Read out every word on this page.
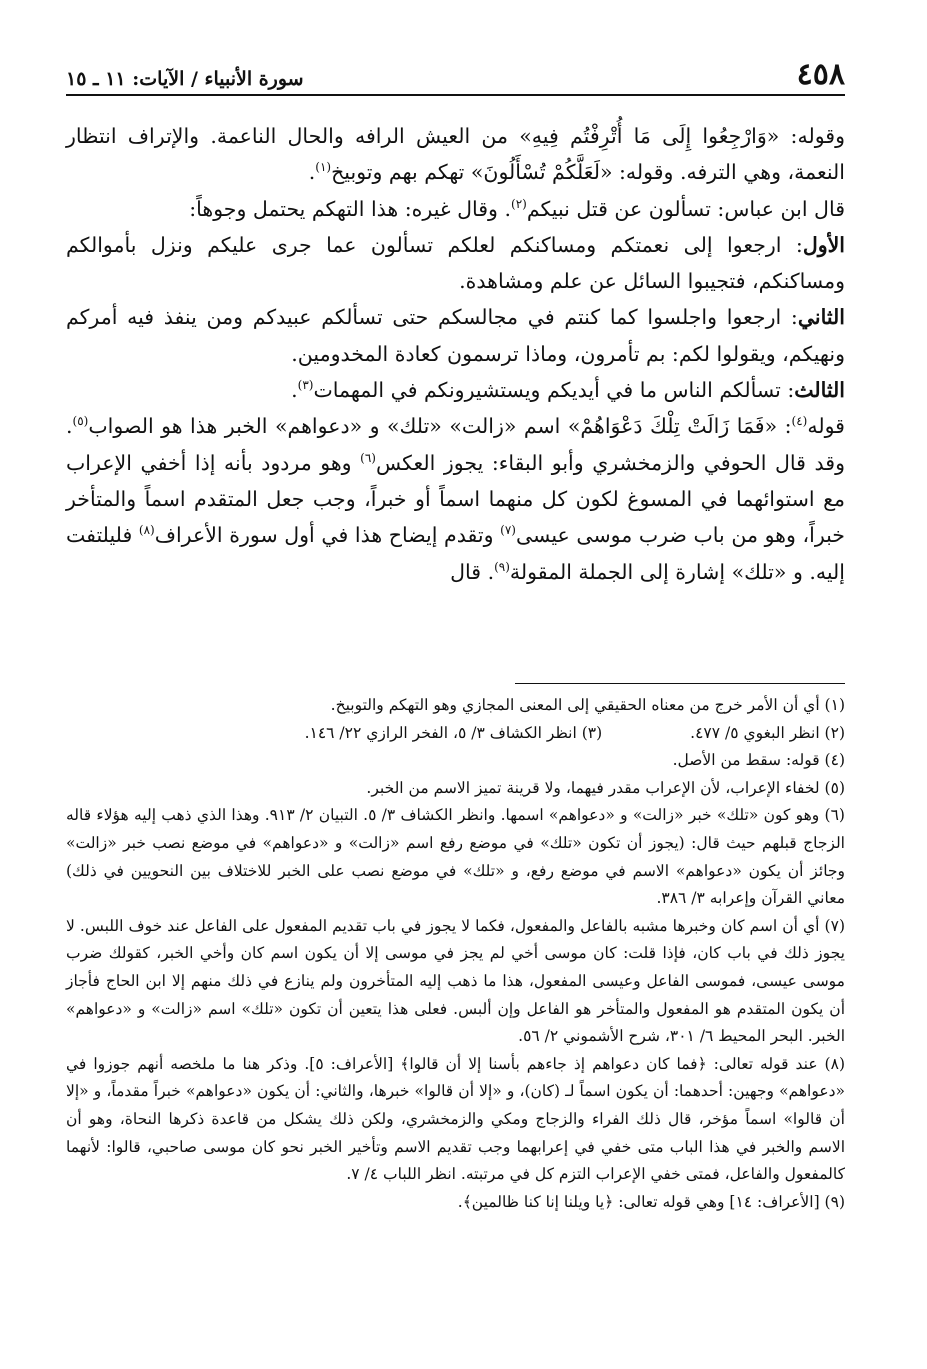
٤٥٨
سورة الأنبياء / الآيات: ١١ ـ ١٥

وقوله: «وَارْجِعُوا إِلَى مَا أُتْرِفْتُم فِيهِ» من العيش الرافه والحال الناعمة. والإتراف انتظار النعمة، وهي الترفه. وقوله: «لَعَلَّكُمْ تُسْأَلُونَ» تهكم بهم وتوبيخ$^{(١)}$.

قال ابن عباس: تسألون عن قتل نبيكم$^{(٢)}$. وقال غيره: هذا التهكم يحتمل وجوهاً:

الأول: ارجعوا إلى نعمتكم ومساكنكم لعلكم تسألون عما جرى عليكم ونزل بأموالكم ومساكنكم، فتجيبوا السائل عن علم ومشاهدة.

الثاني: ارجعوا واجلسوا كما كنتم في مجالسكم حتى تسألكم عبيدكم ومن ينفذ فيه أمركم ونهيكم، ويقولوا لكم: بم تأمرون، وماذا ترسمون كعادة المخدومين.

الثالث: تسألكم الناس ما في أيديكم ويستشيرونكم في المهمات$^{(٣)}$.

قوله$^{(٤)}$: «فَمَا زَالَتْ تِلْكَ دَعْوَاهُمْ» اسم «زالت» «تلك» و «دعواهم» الخبر هذا هو الصواب$^{(٥)}$. وقد قال الحوفي والزمخشري وأبو البقاء: يجوز العكس$^{(٦)}$ وهو مردود بأنه إذا أخفي الإعراب مع استوائهما في المسوغ لكون كل منهما اسماً أو خبراً، وجب جعل المتقدم اسماً والمتأخر خبراً، وهو من باب ضرب موسى عيسى$^{(٧)}$ وتقدم إيضاح هذا في أول سورة الأعراف$^{(٨)}$ فليلتفت إليه. و «تلك» إشارة إلى الجملة المقولة$^{(٩)}$. قال

(١) أي أن الأمر خرج من معناه الحقيقي إلى المعنى المجازي وهو التهكم والتوبيخ.

(٢) انظر البغوي ٥/ ٤٧٧.
(٣) انظر الكشاف ٣/ ٥، الفخر الرازي ٢٢/ ١٤٦.

(٤) قوله: سقط من الأصل.

(٥) لخفاء الإعراب، لأن الإعراب مقدر فيهما، ولا قرينة تميز الاسم من الخبر.

(٦) وهو كون «تلك» خبر «زالت» و «دعواهم» اسمها. وانظر الكشاف ٣/ ٥. التبيان ٢/ ٩١٣. وهذا الذي ذهب إليه هؤلاء قاله الزجاج قبلهم حيث قال: (يجوز أن تكون «تلك» في موضع رفع اسم «زالت» و «دعواهم» في موضع نصب خبر «زالت» وجائز أن يكون «دعواهم» الاسم في موضع رفع، و «تلك» في موضع نصب على الخبر للاختلاف بين النحويين في ذلك) معاني القرآن وإعرابه ٣/ ٣٨٦.

(٧) أي أن اسم كان وخبرها مشبه بالفاعل والمفعول، فكما لا يجوز في باب تقديم المفعول على الفاعل عند خوف اللبس. لا يجوز ذلك في باب كان، فإذا قلت: كان موسى أخي لم يجز في موسى إلا أن يكون اسم كان وأخي الخبر، كقولك ضرب موسى عيسى، فموسى الفاعل وعيسى المفعول، هذا ما ذهب إليه المتأخرون ولم ينازع في ذلك منهم إلا ابن الحاج فأجاز أن يكون المتقدم هو المفعول والمتأخر هو الفاعل وإن ألبس. فعلى هذا يتعين أن تكون «تلك» اسم «زالت» و «دعواهم» الخبر. البحر المحيط ٦/ ٣٠١، شرح الأشموني ٢/ ٥٦.

(٨) عند قوله تعالى: ﴿فما كان دعواهم إذ جاءهم بأسنا إلا أن قالوا﴾ [الأعراف: ٥]. وذكر هنا ما ملخصه أنهم جوزوا في «دعواهم» وجهين: أحدهما: أن يكون اسماً لـ (كان)، و «إلا أن قالوا» خبرها، والثاني: أن يكون «دعواهم» خبراً مقدماً، و «إلا أن قالوا» اسماً مؤخر، قال ذلك الفراء والزجاج ومكي والزمخشري، ولكن ذلك يشكل من قاعدة ذكرها النحاة، وهو أن الاسم والخبر في هذا الباب متى خفي في إعرابهما وجب تقديم الاسم وتأخير الخبر نحو كان موسى صاحبي، قالوا: لأنهما كالمفعول والفاعل، فمتى خفي الإعراب التزم كل في مرتبته. انظر اللباب ٤/ ٧.

(٩) [الأعراف: ١٤] وهي قوله تعالى: ﴿يا ويلنا إنا كنا ظالمين﴾.
